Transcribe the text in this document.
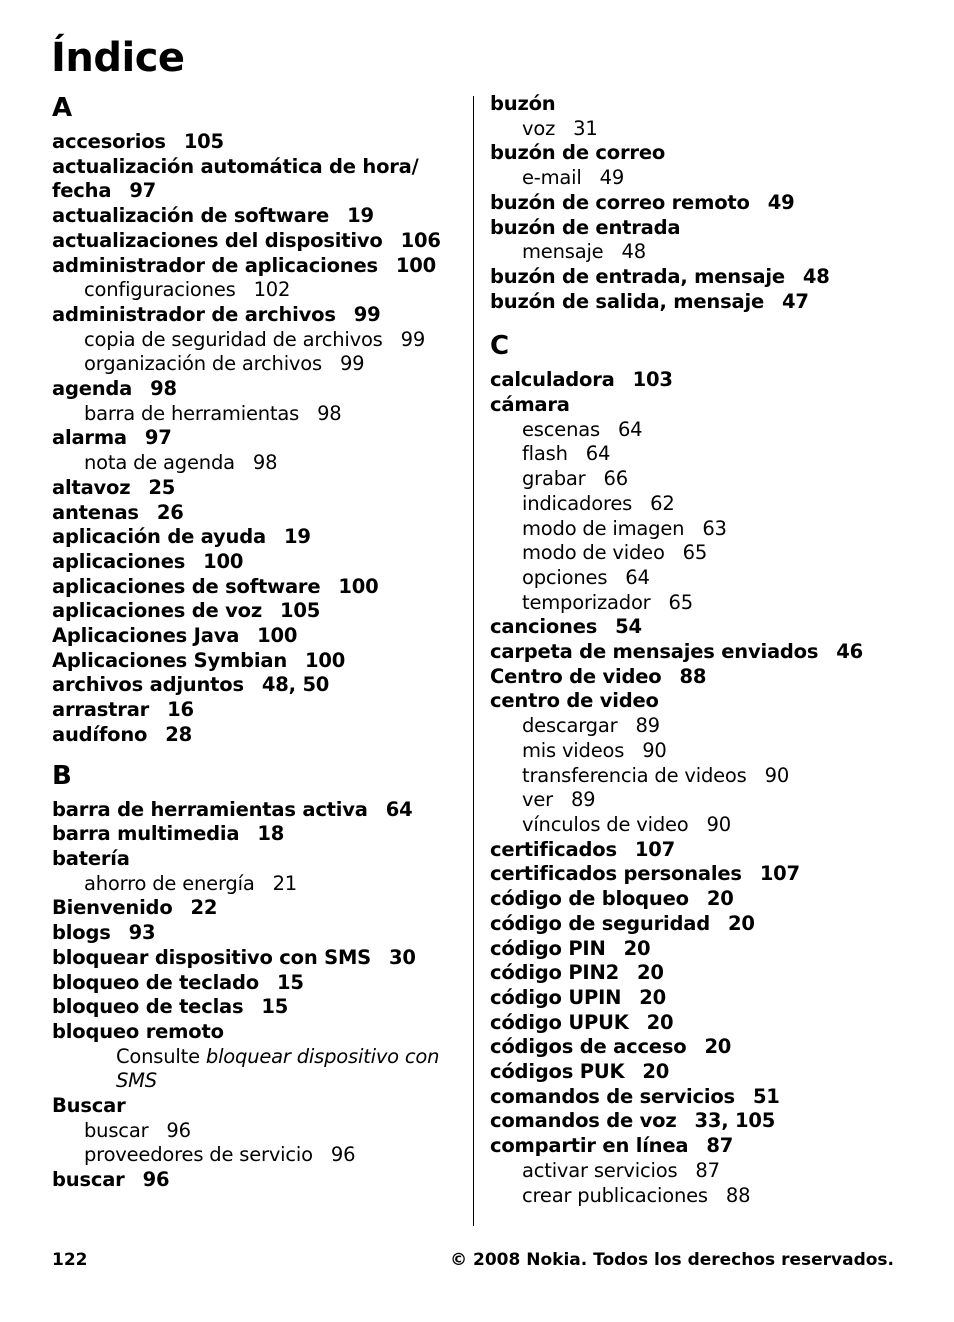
Índice
A
accesorios 105
actualización automática de hora/ fecha 97
actualización de software 19
actualizaciones del dispositivo 106
administrador de aplicaciones 100
configuraciones 102
administrador de archivos 99
copia de seguridad de archivos 99
organización de archivos 99
agenda 98
barra de herramientas 98
alarma 97
nota de agenda 98
altavoz 25
antenas 26
aplicación de ayuda 19
aplicaciones 100
aplicaciones de software 100
aplicaciones de voz 105
Aplicaciones Java 100
Aplicaciones Symbian 100
archivos adjuntos 48, 50
arrastrar 16
audífono 28
B
barra de herramientas activa 64
barra multimedia 18
batería
ahorro de energía 21
Bienvenido 22
blogs 93
bloquear dispositivo con SMS 30
bloqueo de teclado 15
bloqueo de teclas 15
bloqueo remoto
Consulte bloquear dispositivo con SMS
Buscar
buscar 96
proveedores de servicio 96
buscar 96
buzón
voz 31
buzón de correo
e-mail 49
buzón de correo remoto 49
buzón de entrada
mensaje 48
buzón de entrada, mensaje 48
buzón de salida, mensaje 47
C
calculadora 103
cámara
escenas 64
flash 64
grabar 66
indicadores 62
modo de imagen 63
modo de video 65
opciones 64
temporizador 65
canciones 54
carpeta de mensajes enviados 46
Centro de video 88
centro de video
descargar 89
mis videos 90
transferencia de videos 90
ver 89
vínculos de video 90
certificados 107
certificados personales 107
código de bloqueo 20
código de seguridad 20
código PIN 20
código PIN2 20
código UPIN 20
código UPUK 20
códigos de acceso 20
códigos PUK 20
comandos de servicios 51
comandos de voz 33, 105
compartir en línea 87
activar servicios 87
crear publicaciones 88
122	© 2008 Nokia. Todos los derechos reservados.
